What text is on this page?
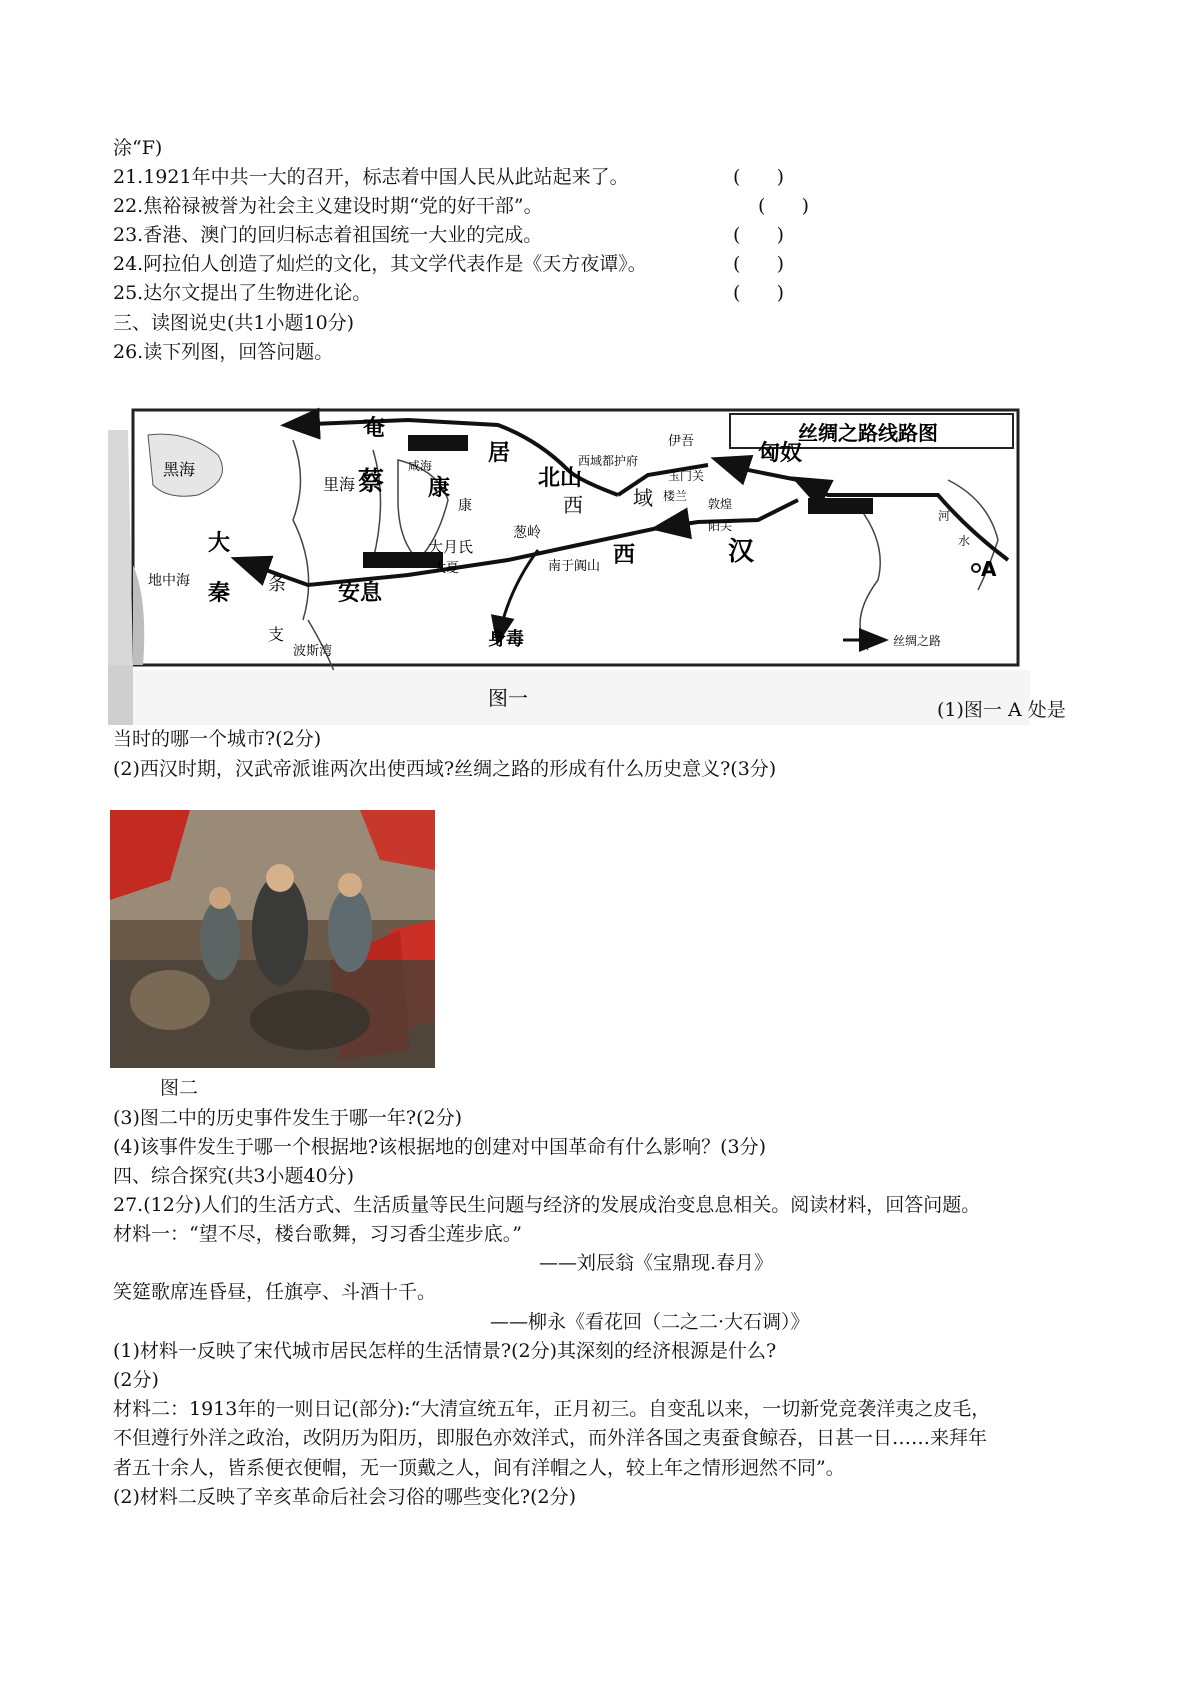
涂“F)
21.1921年中共一大的召开，标志着中国人民从此站起来了。	(      )
22.焦裕禄被誉为社会主义建设时期“党的好干部”。	(      )
23.香港、澳门的回归标志着祖国统一大业的完成。	(      )
24.阿拉伯人创造了灿烂的文化，其文学代表作是《天方夜谭》。	(      )
25.达尔文提出了生物进化论。	(      )
三、读图说史(共1小题10分)
26.读下列图，回答问题。
丝绸之路线路图
黑海
大
秦 条
支
地中海
里海
奄
蔡
咸海
康
居
康
北山
西域都护府
伊吾	匈奴
玉门关
楼兰
敦煌
阳关
西	域
汉
大月氏
大夏
葱岭
南于阗山 西
安息
身毒
波斯湾
河
水
A
丝绸之路
图一	(1)图一 A 处是
当时的哪一个城市?(2分)
(2)西汉时期，汉武帝派谁两次出使西域?丝绸之路的形成有什么历史意义?(3分)
图二
(3)图二中的历史事件发生于哪一年?(2分)
(4)该事件发生于哪一个根据地?该根据地的创建对中国革命有什么影响？(3分)
四、综合探究(共3小题40分)
27.(12分)人们的生活方式、生活质量等民生问题与经济的发展成治变息息相关。阅读材料，回答问题。
材料一：“望不尽，楼台歌舞，习习香尘莲步底。”
——刘辰翁《宝鼎现.春月》
笑筵歌席连昏昼，任旗亭、斗酒十千。
——柳永《看花回（二之二·大石调）》
(1)材料一反映了宋代城市居民怎样的生活情景?(2分)其深刻的经济根源是什么?
(2分)
材料二：1913年的一则日记(部分):“大清宣统五年，正月初三。自变乱以来，一切新党竞袭洋夷之皮毛，
不但遵行外洋之政治，改阴历为阳历，即服色亦效洋式，而外洋各国之夷蚕食鲸吞，日甚一日……来拜年
者五十余人，皆系便衣便帽，无一顶戴之人，间有洋帽之人，较上年之情形迥然不同”。
(2)材料二反映了辛亥革命后社会习俗的哪些变化?(2分)
